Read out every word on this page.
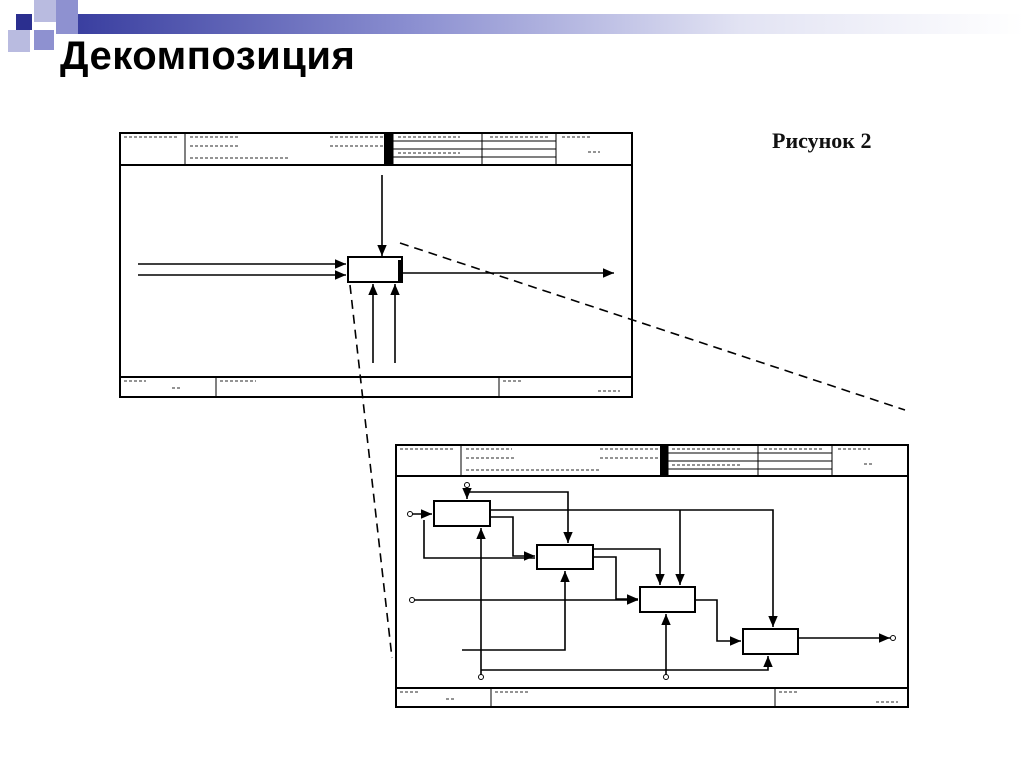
Декомпозиция
Рисунок 2
